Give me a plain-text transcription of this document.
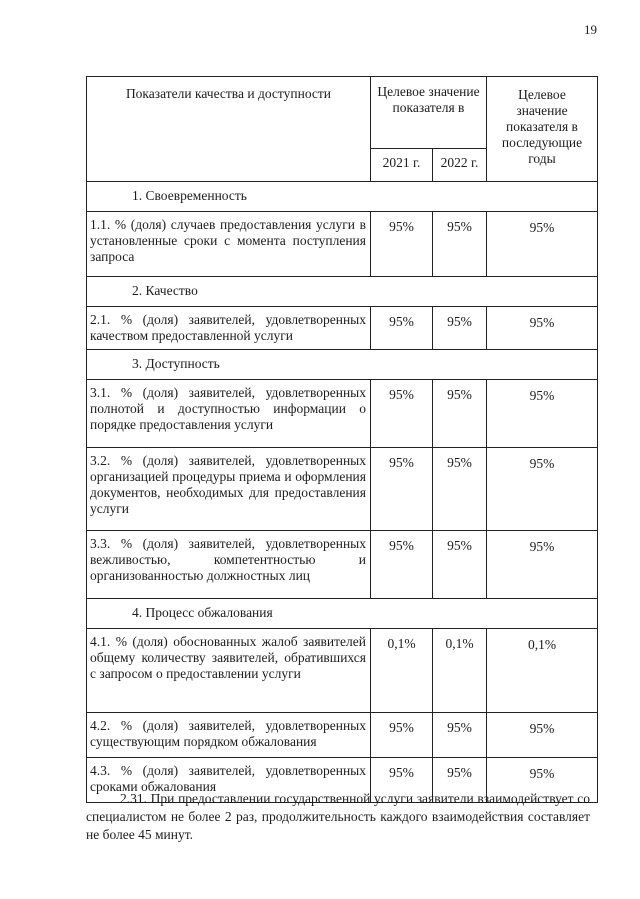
19
Показатели качества и доступности	Целевое значение показателя в		Целевое значение показателя в последующие годы
	2021 г.	2022 г.	
1. Своевременность			
1.1. % (доля) случаев предоставления услуги в установленные сроки с момента поступления запроса	95%	95%	95%
2. Качество			
2.1. % (доля) заявителей, удовлетворенных качеством предоставленной услуги	95%	95%	95%
3. Доступность			
3.1. % (доля) заявителей, удовлетворенных полнотой и доступностью информации о порядке предоставления услуги	95%	95%	95%
3.2. % (доля) заявителей, удовлетворенных организацией процедуры приема и оформления документов, необходимых для предоставления услуги	95%	95%	95%
3.3. % (доля) заявителей, удовлетворенных вежливостью, компетентностью и организованностью должностных лиц	95%	95%	95%
4. Процесс обжалования			
4.1. % (доля) обоснованных жалоб заявителей общему количеству заявителей, обратившихся с запросом о предоставлении услуги	0,1%	0,1%	0,1%
4.2. % (доля) заявителей, удовлетворенных существующим порядком обжалования	95%	95%	95%
4.3. % (доля) заявителей, удовлетворенных сроками обжалования	95%	95%	95%
2.31. При предоставлении государственной услуги заявители взаимодействует со специалистом не более 2 раз, продолжительность каждого взаимодействия составляет не более 45 минут.
